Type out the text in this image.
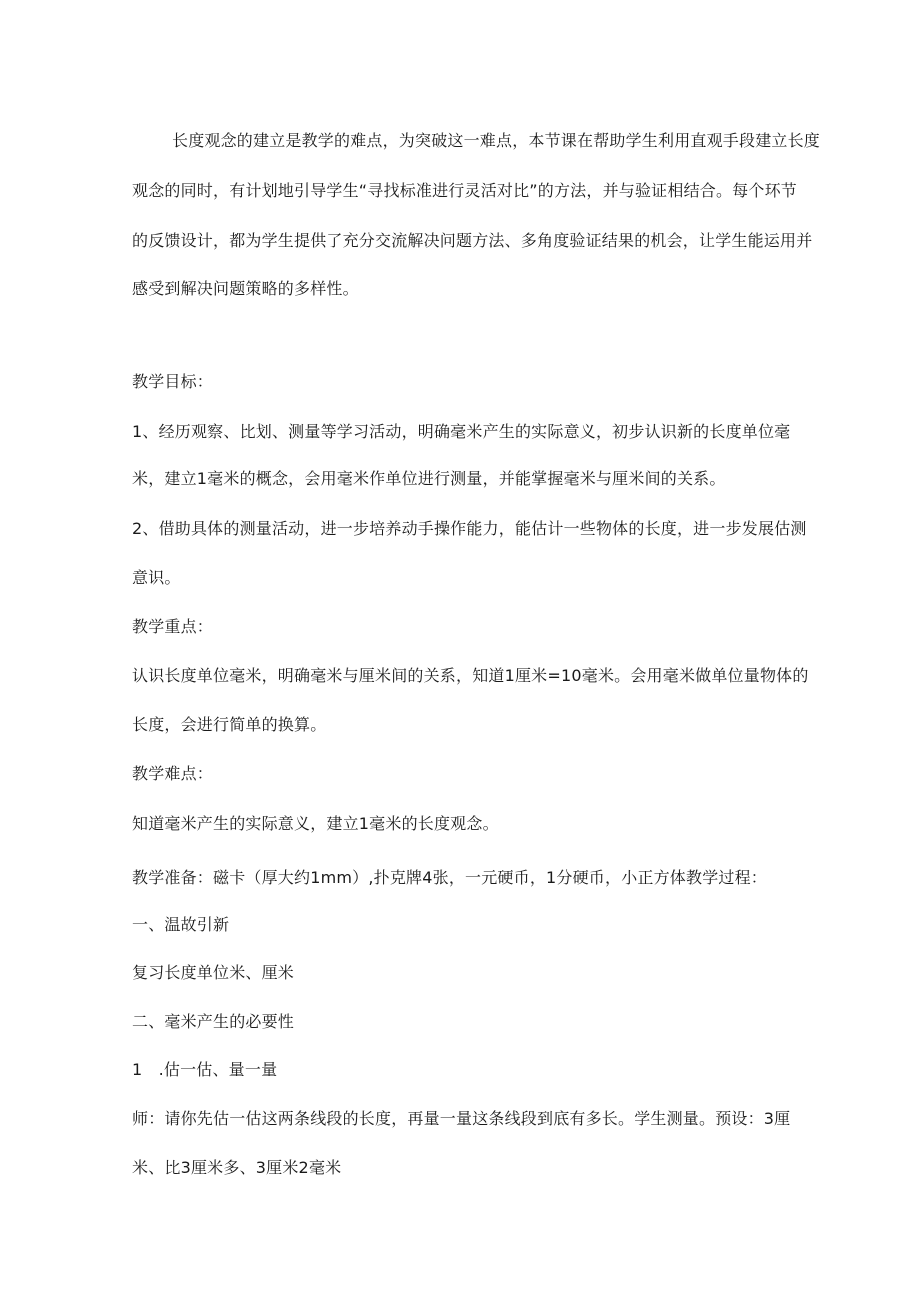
长度观念的建立是教学的难点，为突破这一难点，本节课在帮助学生利用直观手段建立长度
观念的同时，有计划地引导学生“寻找标准进行灵活对比”的方法，并与验证相结合。每个环节
的反馈设计，都为学生提供了充分交流解决问题方法、多角度验证结果的机会，让学生能运用并
感受到解决问题策略的多样性。
教学目标：
1、经历观察、比划、测量等学习活动，明确毫米产生的实际意义，初步认识新的长度单位毫
米，建立1毫米的概念，会用毫米作单位进行测量，并能掌握毫米与厘米间的关系。
2、借助具体的测量活动，进一步培养动手操作能力，能估计一些物体的长度，进一步发展估测
意识。
教学重点：
认识长度单位毫米，明确毫米与厘米间的关系，知道1厘米=10毫米。会用毫米做单位量物体的
长度，会进行简单的换算。
教学难点：
知道毫米产生的实际意义，建立1毫米的长度观念。
教学准备：磁卡（厚大约1mm）,扑克牌4张，一元硬币，1分硬币，小正方体教学过程：
一、温故引新
复习长度单位米、厘米
二、毫米产生的必要性
1　.估一估、量一量
师：请你先估一估这两条线段的长度，再量一量这条线段到底有多长。学生测量。预设：3厘
米、比3厘米多、3厘米2毫米
